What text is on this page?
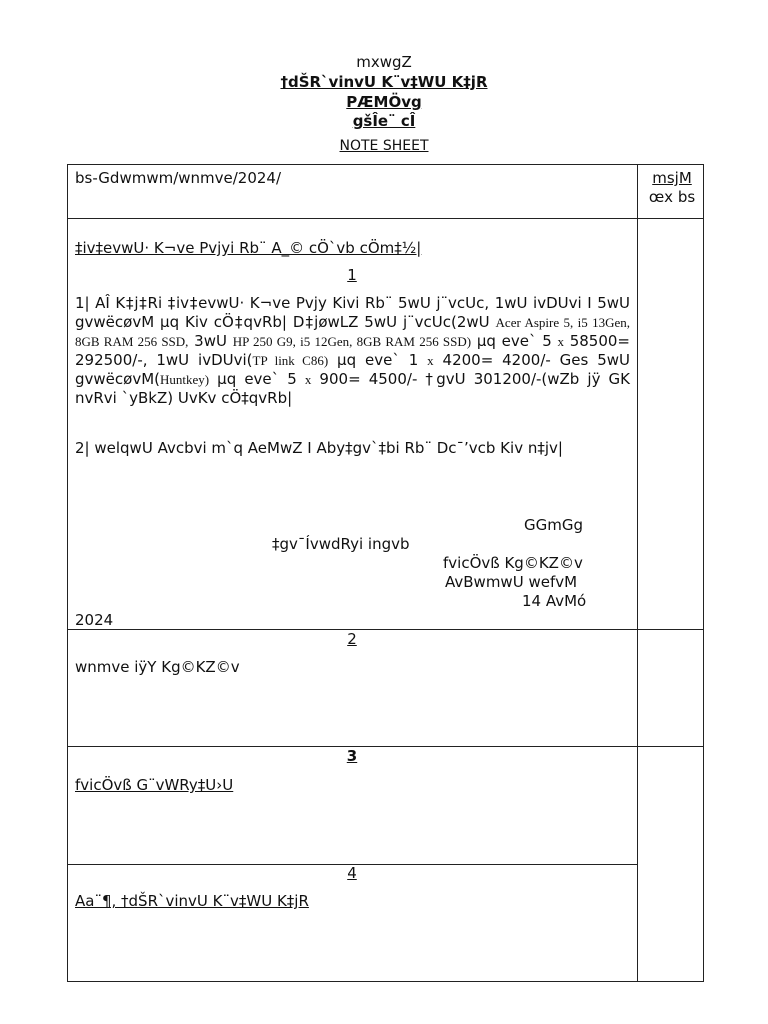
mxwgZ
†dŠR`vinvU K¨v‡WU K‡jR
PÆMÖvg
gšÎe¨ cÎ
NOTE SHEET
bs-Gdwmwm/wnmve/2024/	msjM
œx bs
‡iv‡evwU· K¬ve Pvjyi Rb¨ A_© cÖ`vb cÖm‡½|
1
1| AÎ K‡j‡Ri ‡iv‡evwU· K¬ve Pvjy Kivi Rb¨ 5wU j¨vcUc, 1wU ivDUvi I 5wU gvwëcøvM µq Kiv cÖ‡qvRb| D‡jøwLZ 5wU j¨vcUc(2wU Acer Aspire 5, i5 13Gen, 8GB RAM 256 SSD, 3wU HP 250 G9, i5 12Gen, 8GB RAM 256 SSD) µq eve` 5 x 58500= 292500/-, 1wU ivDUvi(TP link C86) µq eve` 1 x 4200= 4200/- Ges 5wU gvwëcøvM(Huntkey) µq eve` 5 x 900= 4500/- †gvU 301200/-(wZb jÿ GK nvRvi `yBkZ) UvKv cÖ‡qvRb|
2| welqwU Avcbvi m`q AeMwZ I Aby‡gv`‡bi Rb¨ Dc¯’vcb Kiv n‡jv|
GGmGg
‡gv¯ÍvwdRyi ingvb
fvicÖvß Kg©KZ©v
AvBwmwU wefvM
14 AvMó
2024
2
wnmve iÿY Kg©KZ©v
3
fvicÖvß G¨vWRy‡U›U
4
Aa¨¶, †dŠR`vinvU K¨v‡WU K‡jR
